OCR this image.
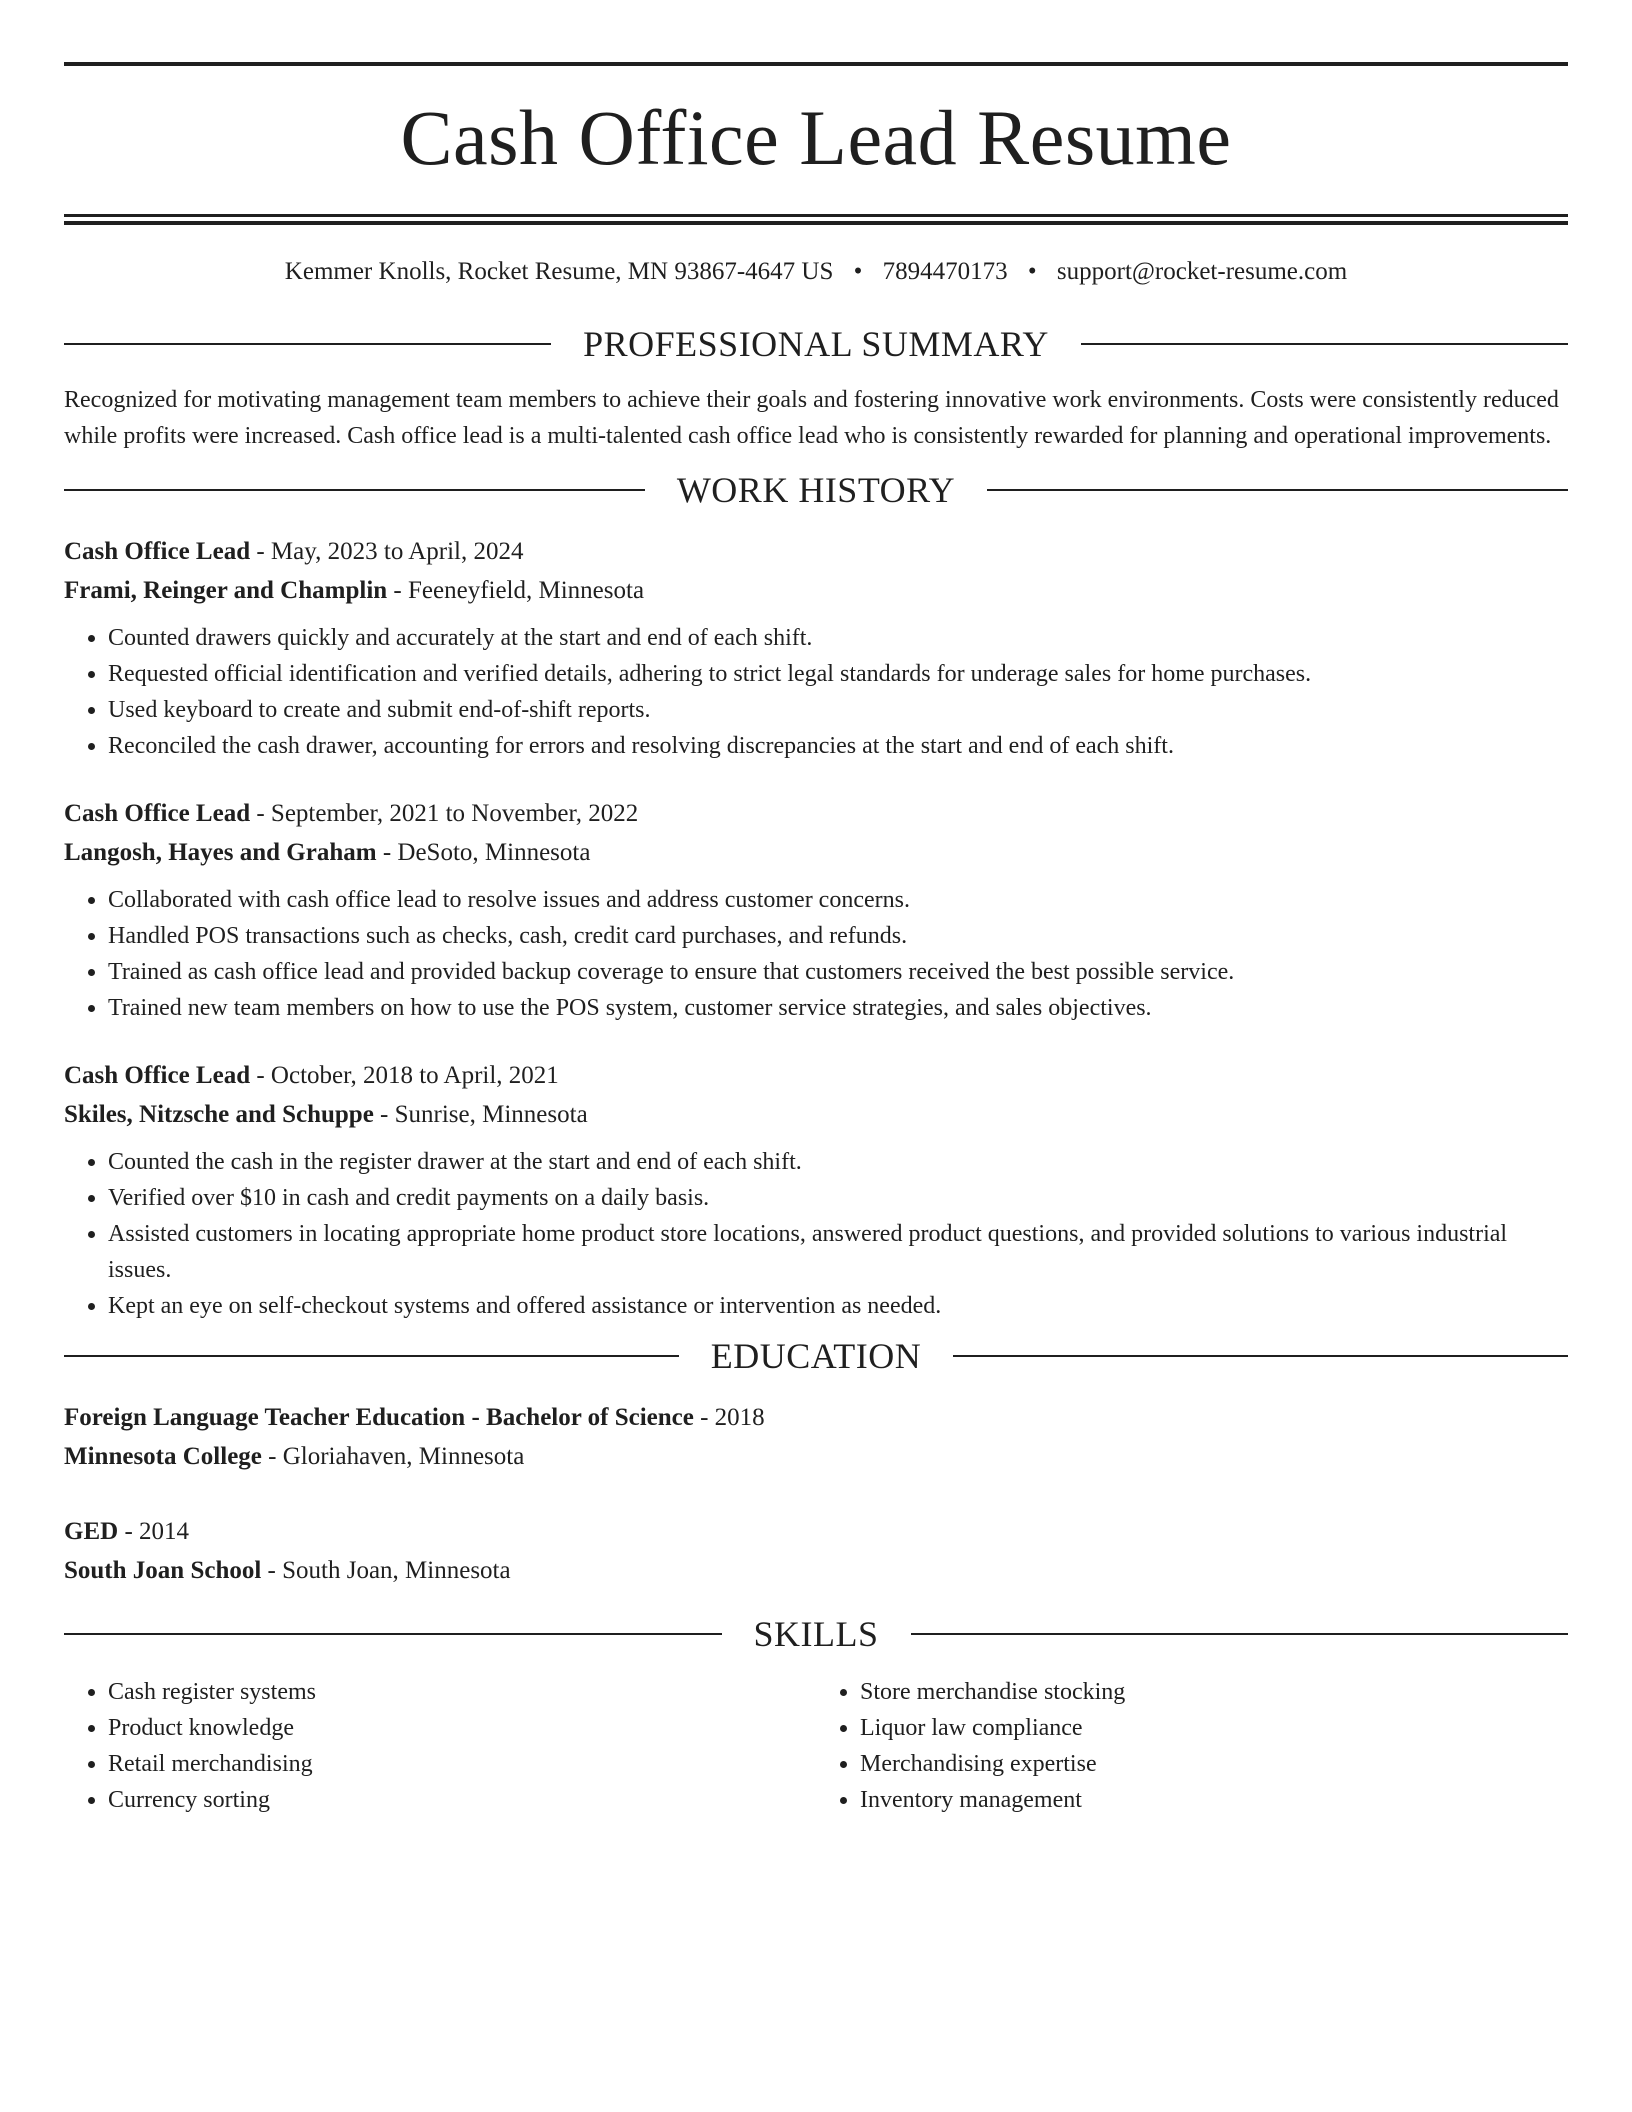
Cash Office Lead Resume
Kemmer Knolls, Rocket Resume, MN 93867-4647 US • 7894470173 • support@rocket-resume.com
PROFESSIONAL SUMMARY
Recognized for motivating management team members to achieve their goals and fostering innovative work environments. Costs were consistently reduced while profits were increased. Cash office lead is a multi-talented cash office lead who is consistently rewarded for planning and operational improvements.
WORK HISTORY
Cash Office Lead - May, 2023 to April, 2024
Frami, Reinger and Champlin - Feeneyfield, Minnesota
• Counted drawers quickly and accurately at the start and end of each shift.
• Requested official identification and verified details, adhering to strict legal standards for underage sales for home purchases.
• Used keyboard to create and submit end-of-shift reports.
• Reconciled the cash drawer, accounting for errors and resolving discrepancies at the start and end of each shift.
Cash Office Lead - September, 2021 to November, 2022
Langosh, Hayes and Graham - DeSoto, Minnesota
• Collaborated with cash office lead to resolve issues and address customer concerns.
• Handled POS transactions such as checks, cash, credit card purchases, and refunds.
• Trained as cash office lead and provided backup coverage to ensure that customers received the best possible service.
• Trained new team members on how to use the POS system, customer service strategies, and sales objectives.
Cash Office Lead - October, 2018 to April, 2021
Skiles, Nitzsche and Schuppe - Sunrise, Minnesota
• Counted the cash in the register drawer at the start and end of each shift.
• Verified over $10 in cash and credit payments on a daily basis.
• Assisted customers in locating appropriate home product store locations, answered product questions, and provided solutions to various industrial issues.
• Kept an eye on self-checkout systems and offered assistance or intervention as needed.
EDUCATION
Foreign Language Teacher Education - Bachelor of Science - 2018
Minnesota College - Gloriahaven, Minnesota
GED - 2014
South Joan School - South Joan, Minnesota
SKILLS
• Cash register systems
• Product knowledge
• Retail merchandising
• Currency sorting
• Store merchandise stocking
• Liquor law compliance
• Merchandising expertise
• Inventory management
